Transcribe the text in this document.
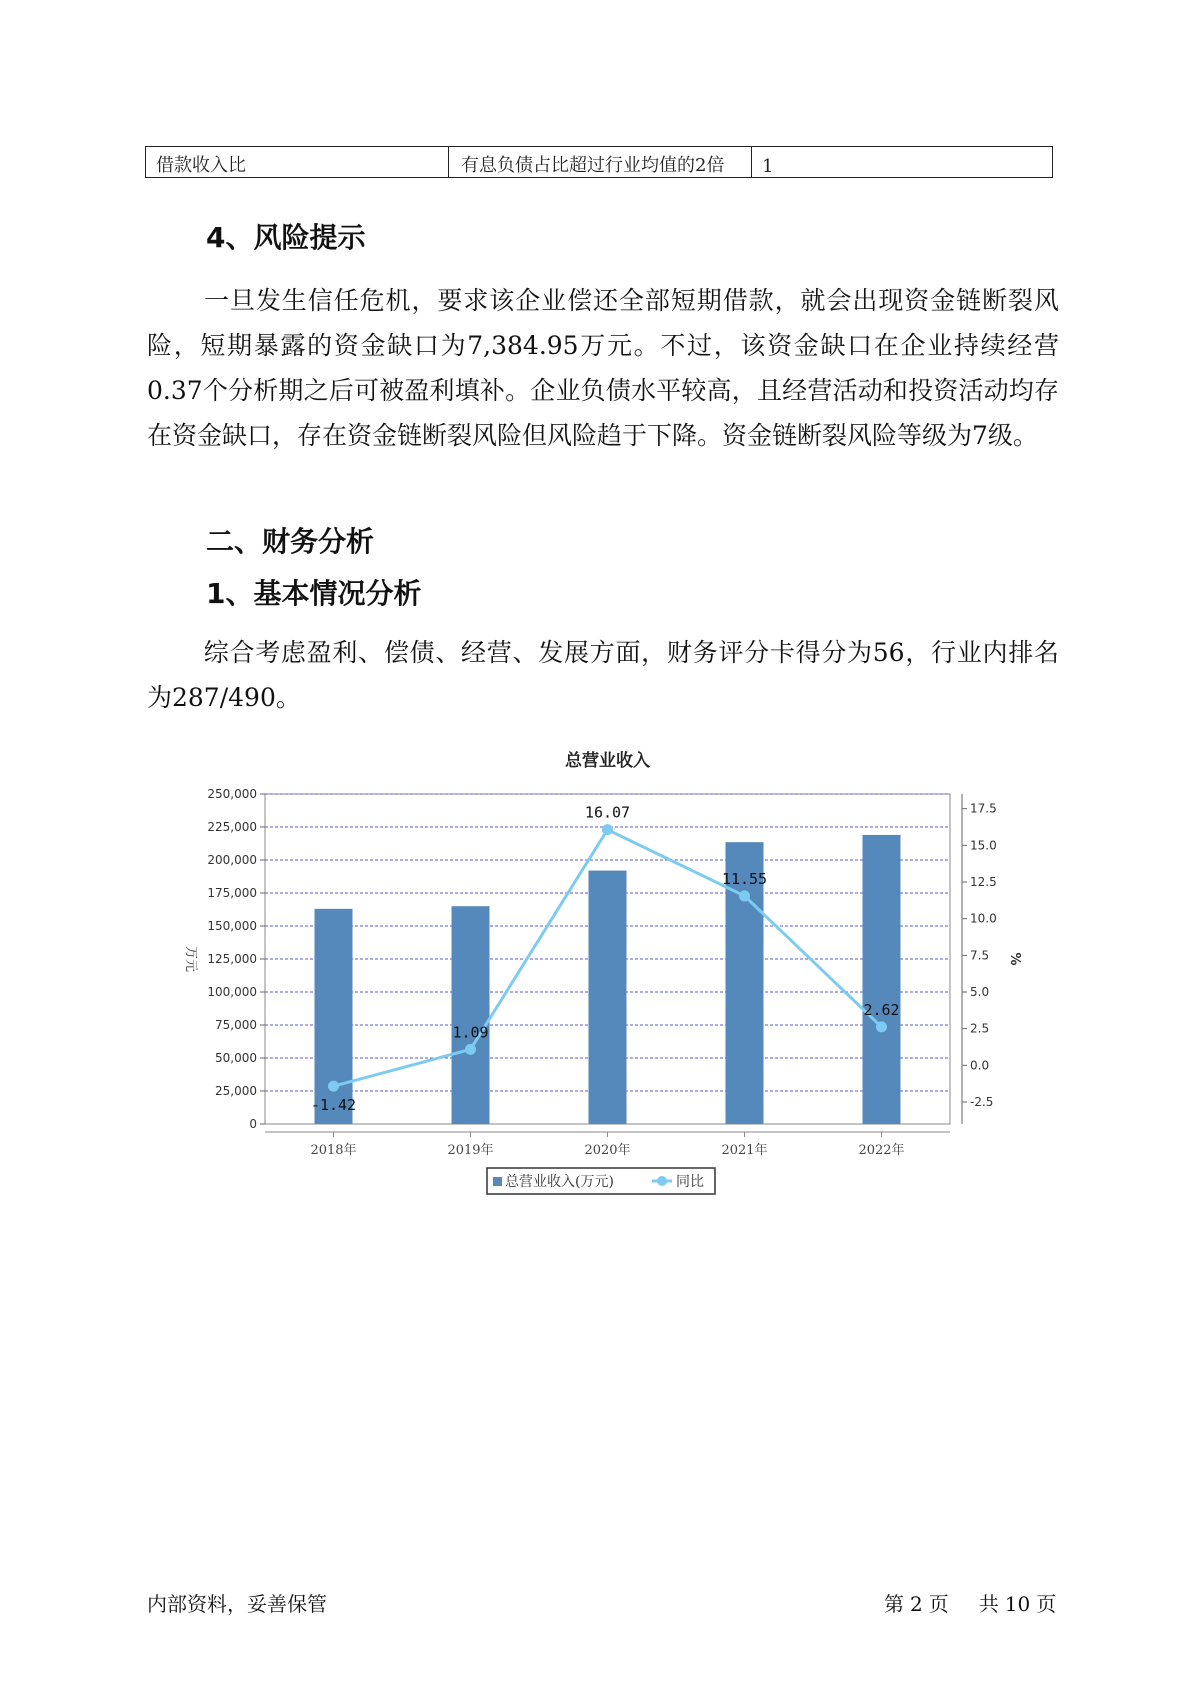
借款收入比	有息负债占比超过行业均值的2倍	1
4、风险提示

一旦发生信任危机，要求该企业偿还全部短期借款，就会出现资金链断裂风险，短期暴露的资金缺口为7,384.95万元。不过，该资金缺口在企业持续经营 0.37个分析期之后可被盈利填补。企业负债水平较高，且经营活动和投资活动均存在资金缺口，存在资金链断裂风险但风险趋于下降。资金链断裂风险等级为7级。

二、财务分析
1、基本情况分析

综合考虑盈利、偿债、经营、发展方面，财务评分卡得分为56，行业内排名为287/490。

总营业收入
0
25,000
50,000
75,000
100,000
125,000
150,000
175,000
200,000
225,000
250,000
万元
-2.5
0.0
2.5
5.0
7.5
10.0
12.5
15.0
17.5
%
2018年	2019年	2020年	2021年	2022年
-1.42
1.09
16.07
11.55
2.62
总营业收入(万元)	同比
内部资料，妥善保管	第 2 页 共 10 页
